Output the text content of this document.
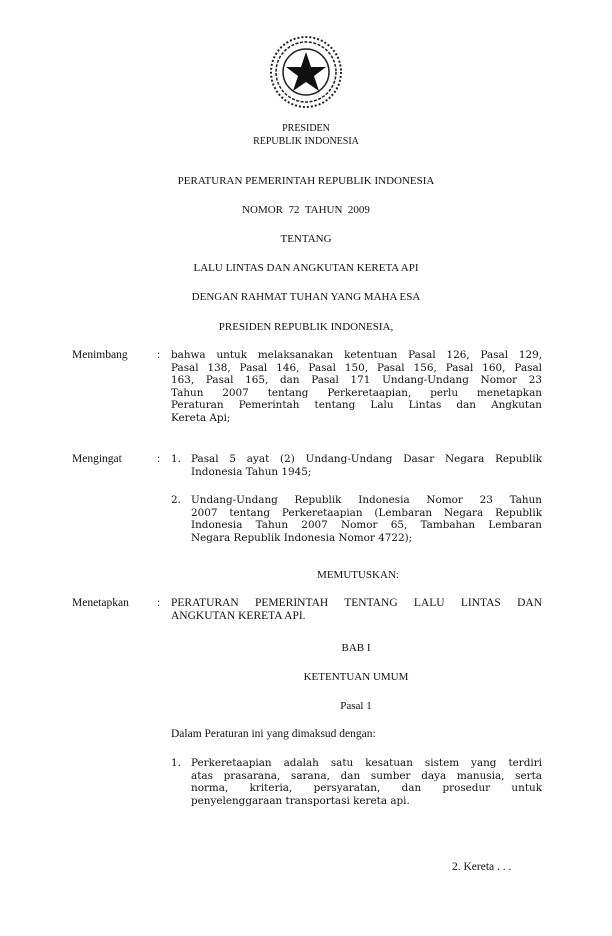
PRESIDEN
REPUBLIK INDONESIA
PERATURAN PEMERINTAH REPUBLIK INDONESIA
NOMOR  72  TAHUN  2009
TENTANG
LALU LINTAS DAN ANGKUTAN KERETA API
DENGAN RAHMAT TUHAN YANG MAHA ESA
PRESIDEN REPUBLIK INDONESIA,
Menimbang	: bahwa untuk melaksanakan ketentuan Pasal 126, Pasal 129,
Pasal 138, Pasal 146, Pasal 150, Pasal 156, Pasal 160, Pasal
163, Pasal 165, dan Pasal 171 Undang-Undang Nomor 23
Tahun 2007 tentang Perkeretaapian, perlu menetapkan
Peraturan Pemerintah tentang Lalu Lintas dan Angkutan
Kereta Api;
Mengingat	: 1. Pasal 5 ayat (2) Undang-Undang Dasar Negara Republik
Indonesia Tahun 1945;
2. Undang-Undang Republik Indonesia Nomor 23 Tahun
2007 tentang Perkeretaapian (Lembaran Negara Republik
Indonesia Tahun 2007 Nomor 65, Tambahan Lembaran
Negara Republik Indonesia Nomor 4722);
MEMUTUSKAN:
Menetapkan : PERATURAN PEMERINTAH TENTANG LALU LINTAS DAN
ANGKUTAN KERETA API.
BAB I
KETENTUAN UMUM
Pasal 1
Dalam Peraturan ini yang dimaksud dengan:
1. Perkeretaapian adalah satu kesatuan sistem yang terdiri
atas prasarana, sarana, dan sumber daya manusia, serta
norma, kriteria, persyaratan, dan prosedur untuk
penyelenggaraan transportasi kereta api.
2. Kereta . . .
